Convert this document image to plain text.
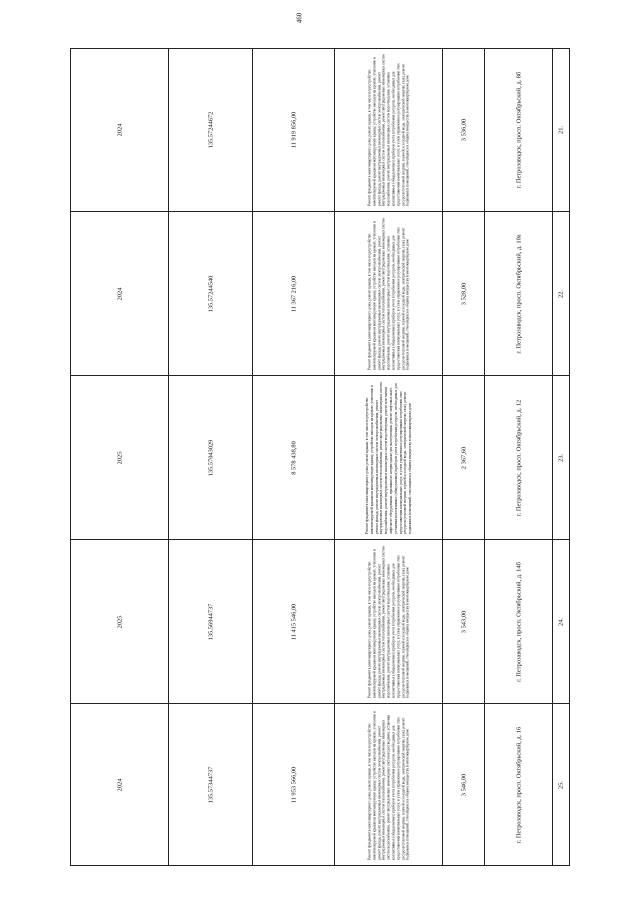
460
2024	135.57244672	11 919 856,00	Ремонт фундамента многоквартирного дома, ремонт крыши, в том числе переустройство невентилируемой крыши на вентилируемую крышу, устройство выходов на кровлю, утепление и ремонт фасада, ремонт внутридомовых инженерных систем электроснабжения, ремонт внутридомовых инженерных систем теплоснабжения, ремонт внутридомовых инженерных систем водоснабжения, ремонт внутридомовых инженерных систем водоотведения, установка коллективных (общедомовых) приборов учета потребления ресурсов, необходимых для предоставления коммунальных услуг, и узлов управления и регулирования потребления этих ресурсов (тепловой энергии, горячей и холодной воды, электрической энергии, газа), ремонт подвальных помещений, относящихся к общему имуществу в многоквартирном доме	3 536,00	г. Петрозаводск, просп. Октябрьский, д. 8б	21.
2024	135.57244540	11 367 216,00	Ремонт фундамента многоквартирного дома, ремонт крыши, в том числе переустройство невентилируемой крыши на вентилируемую крышу, устройство выходов на кровлю, утепление и ремонт фасада, ремонт внутридомовых инженерных систем электроснабжения, ремонт внутридомовых инженерных систем теплоснабжения, ремонт внутридомовых инженерных систем водоснабжения, ремонт внутридомовых инженерных систем водоотведения, установка коллективных (общедомовых) приборов учета потребления ресурсов, необходимых для предоставления коммунальных услуг, и узлов управления и регулирования потребления этих ресурсов (тепловой энергии, горячей и холодной воды, электрической энергии, газа), ремонт подвальных помещений, относящихся к общему имуществу в многоквартирном доме	3 528,00	г. Петрозаводск, просп. Октябрьский, д. 10а	22.
2025	135.57043029	8 578 438,80	Ремонт фундамента многоквартирного дома, ремонт крыши, в том числе переустройство невентилируемой крыши на вентилируемую крышу, устройство выходов на кровлю, утепление и ремонт фасада, ремонт внутридомовых инженерных систем электроснабжения, ремонт внутридомовых инженерных систем теплоснабжения, ремонт внутридомовых инженерных систем водоснабжения, ремонт внутридомовых инженерных систем водоотведения, ремонт или замена лифтового оборудования, признанного непригодным для эксплуатации, ремонт лифтовых шахт, установка коллективных (общедомовых) приборов учета потребления ресурсов, необходимых для предоставления коммунальных услуг, и узлов управления и регулирования потребления этих ресурсов (тепловой энергии, горячей и холодной воды, электрической энергии, газа), ремонт подвальных помещений, относящихся к общему имуществу в многоквартирном доме	2 367,60	г. Петрозаводск, просп. Октябрьский, д. 12	23.
2025	135.56944737	11 415 546,00	Ремонт фундамента многоквартирного дома, ремонт крыши, в том числе переустройство невентилируемой крыши на вентилируемую крышу, устройство выходов на кровлю, утепление и ремонт фасада, ремонт внутридомовых инженерных систем электроснабжения, ремонт внутридомовых инженерных систем теплоснабжения, ремонт внутридомовых инженерных систем водоснабжения, ремонт внутридомовых инженерных систем водоотведения, установка коллективных (общедомовых) приборов учета потребления ресурсов, необходимых для предоставления коммунальных услуг, и узлов управления и регулирования потребления этих ресурсов (тепловой энергии, горячей и холодной воды, электрической энергии, газа), ремонт подвальных помещений, относящихся к общему имуществу в многоквартирном доме	3 543,00	г. Петрозаводск, просп. Октябрьский, д. 14б	24.
2024	135.57344737	11 953 566,00	Ремонт фундамента многоквартирного дома, ремонт крыши, в том числе переустройство невентилируемой крыши на вентилируемую крышу, устройство выходов на кровлю, утепление и ремонт фасада, ремонт внутридомовых инженерных систем электроснабжения, ремонт внутридомовых инженерных систем теплоснабжения, ремонт внутридомовых инженерных систем водоснабжения, ремонт внутридомовых инженерных систем водоотведения, установка коллективных (общедомовых) приборов учета потребления ресурсов, необходимых для предоставления коммунальных услуг, и узлов управления и регулирования потребления этих ресурсов (тепловой энергии, горячей и холодной воды, электрической энергии, газа), ремонт подвальных помещений, относящихся к общему имуществу в многоквартирном доме	3 546,00	г. Петрозаводск, просп. Октябрьский, д. 16	25.
